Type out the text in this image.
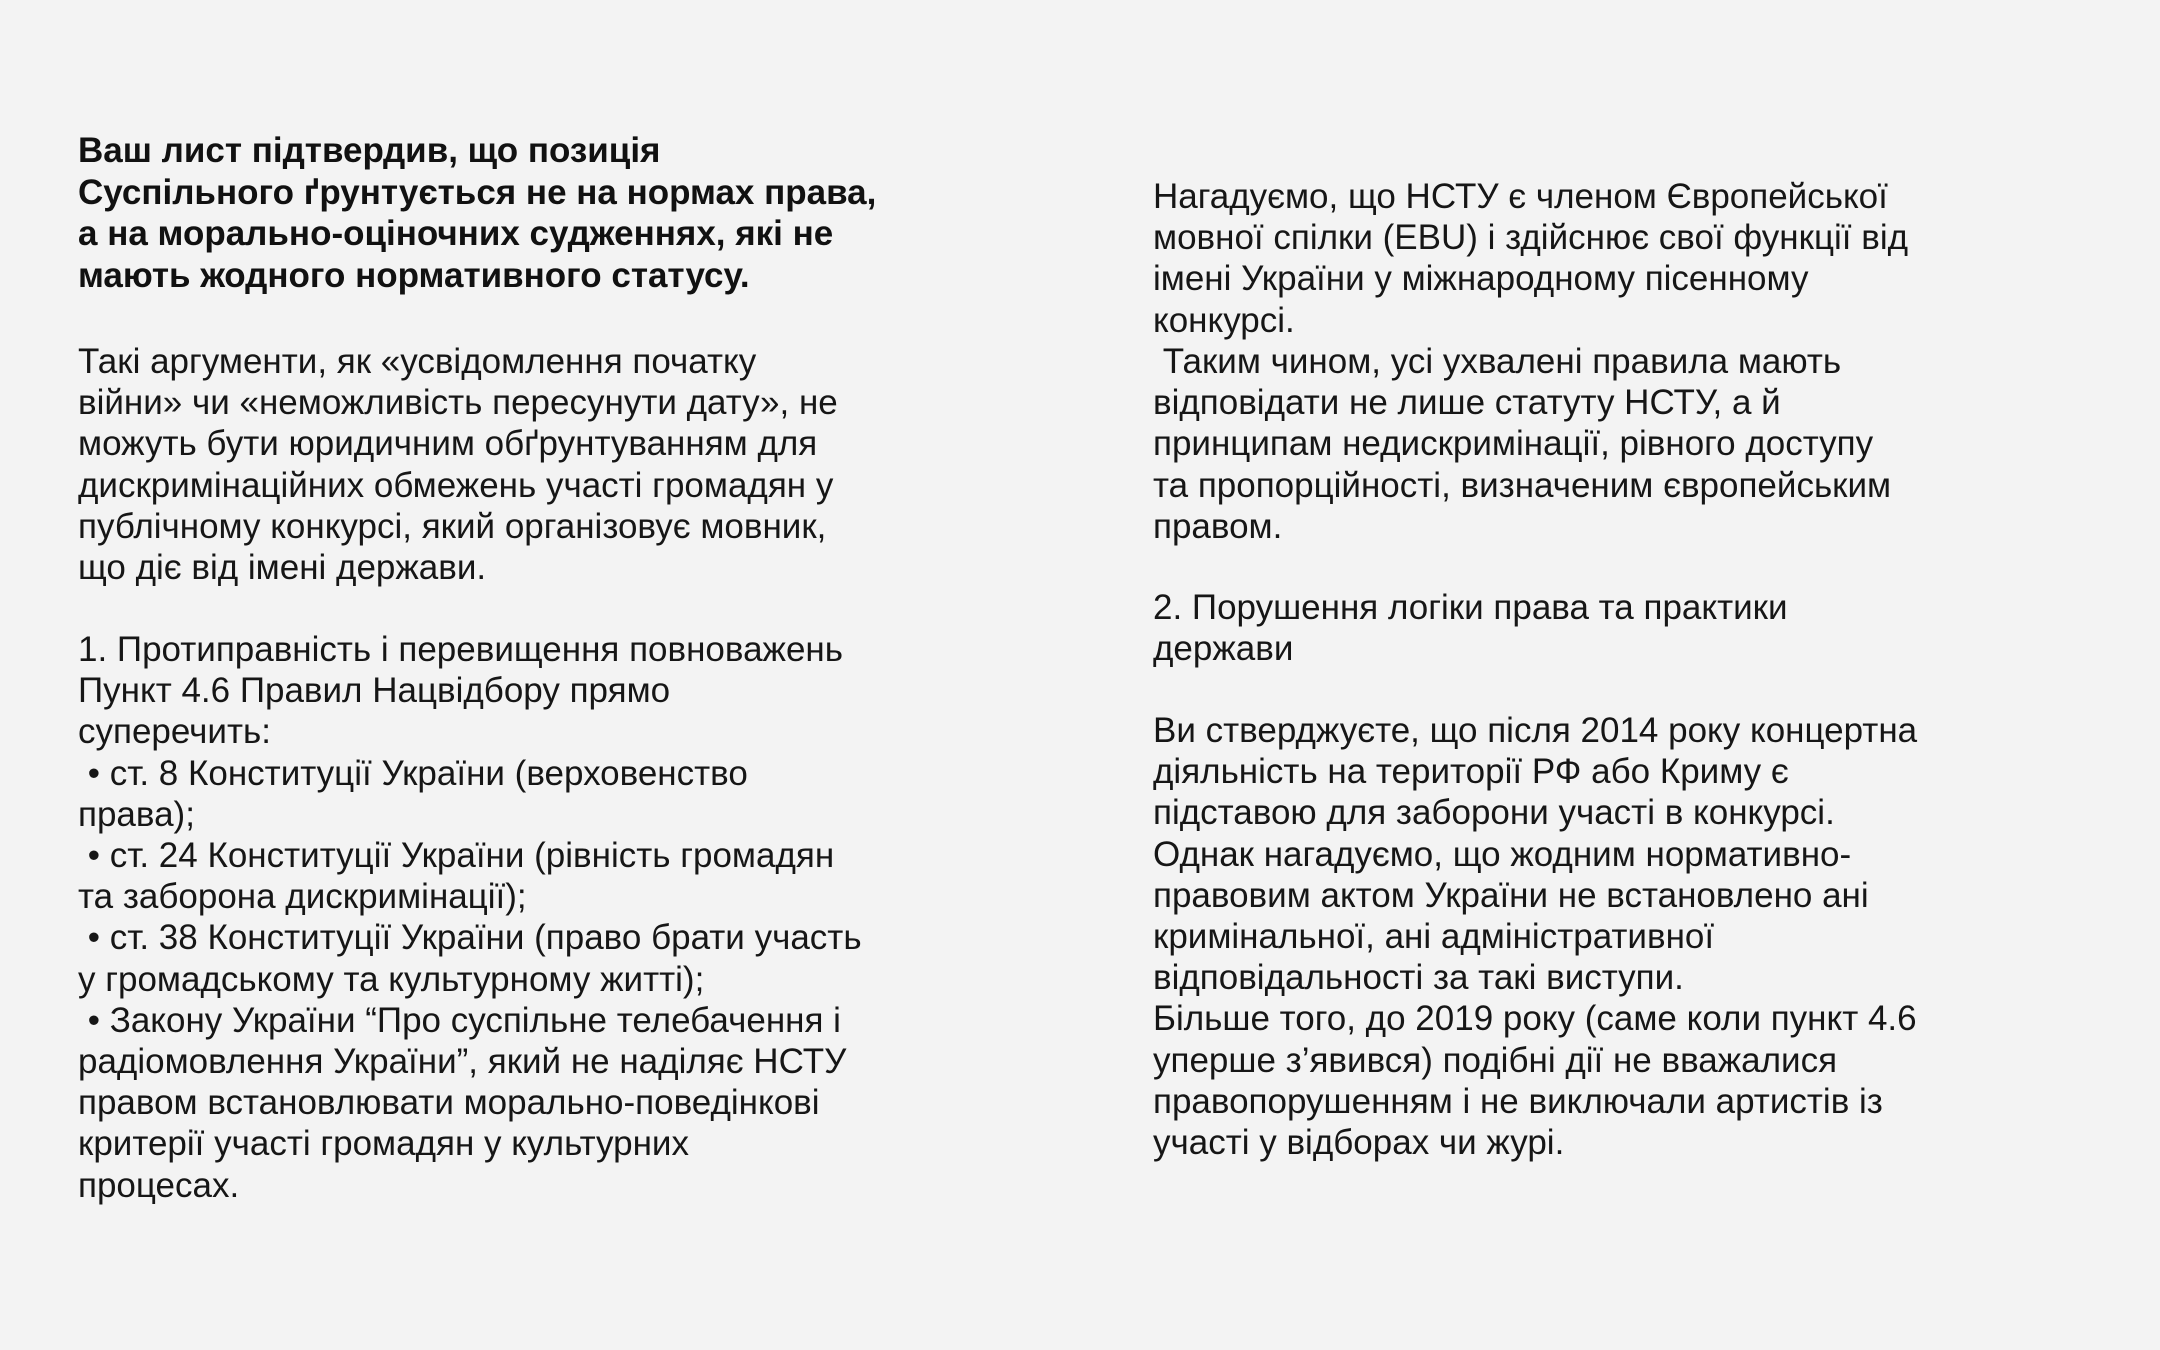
Ваш лист підтвердив, що позиція
Суспільного ґрунтується не на нормах права,
а на морально-оціночних судженнях, які не
мають жодного нормативного статусу.

Такі аргументи, як «усвідомлення початку
війни» чи «неможливість пересунути дату», не
можуть бути юридичним обґрунтуванням для
дискримінаційних обмежень участі громадян у
публічному конкурсі, який організовує мовник,
що діє від імені держави.

1. Протиправність і перевищення повноважень
Пункт 4.6 Правил Нацвідбору прямо
суперечить:
• ст. 8 Конституції України (верховенство
права);
• ст. 24 Конституції України (рівність громадян
та заборона дискримінації);
• ст. 38 Конституції України (право брати участь
у громадському та культурному житті);
• Закону України “Про суспільне телебачення і
радіомовлення України”, який не наділяє НСТУ
правом встановлювати морально-поведінкові
критерії участі громадян у культурних
процесах.

Нагадуємо, що НСТУ є членом Європейської
мовної спілки (EBU) і здійснює свої функції від
імені України у міжнародному пісенному
конкурсі.

Таким чином, усі ухвалені правила мають
відповідати не лише статуту НСТУ, а й
принципам недискримінації, рівного доступу
та пропорційності, визначеним європейським
правом.

2. Порушення логіки права та практики
держави

Ви стверджуєте, що після 2014 року концертна
діяльність на території РФ або Криму є
підставою для заборони участі в конкурсі.
Однак нагадуємо, що жодним нормативно-
правовим актом України не встановлено ані
кримінальної, ані адміністративної
відповідальності за такі виступи.
Більше того, до 2019 року (саме коли пункт 4.6
уперше з’явився) подібні дії не вважалися
правопорушенням і не виключали артистів із
участі у відборах чи журі.
